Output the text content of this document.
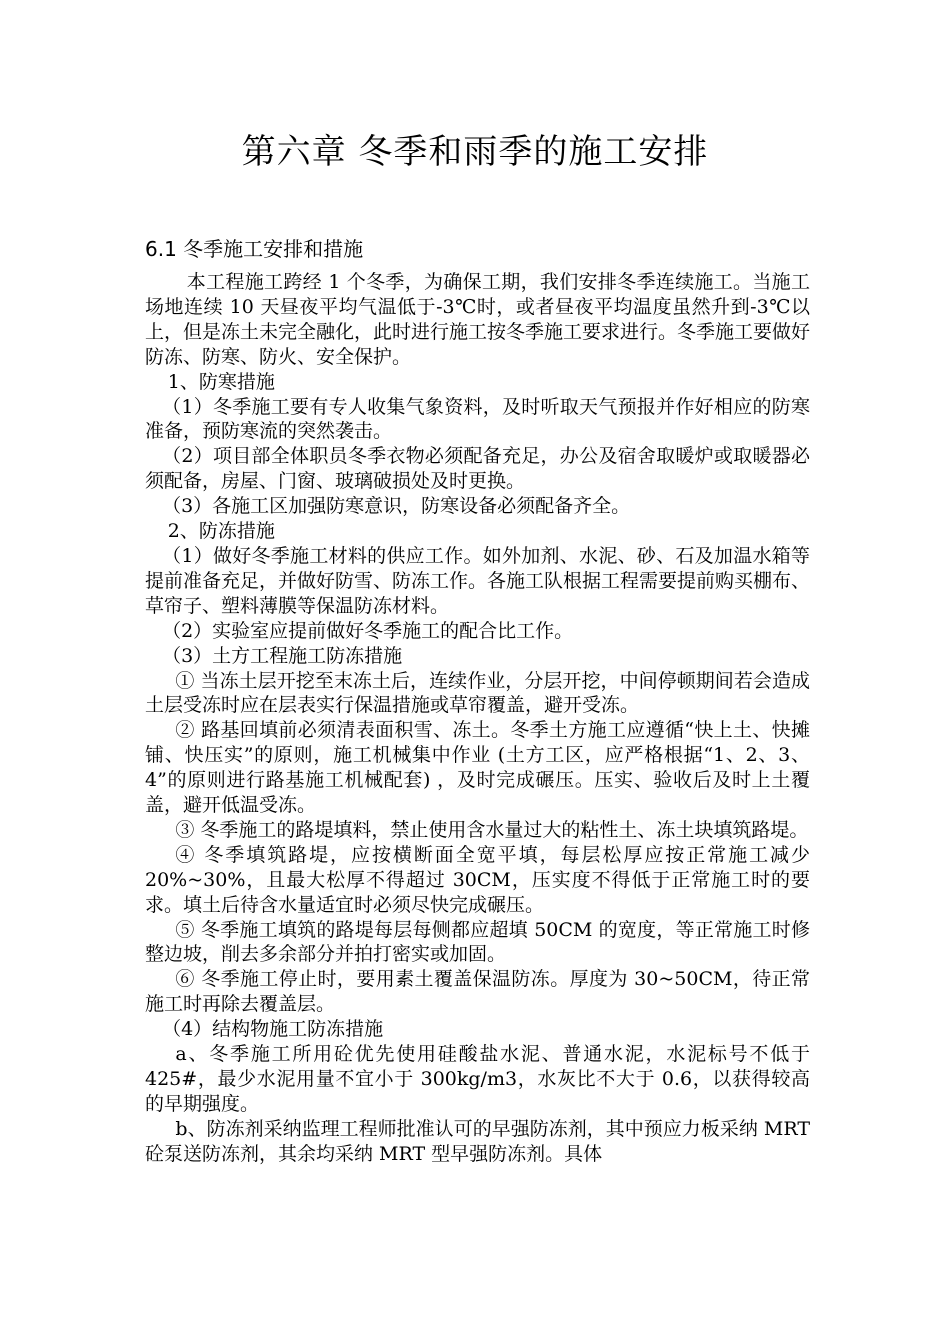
第六章 冬季和雨季的施工安排
6.1 冬季施工安排和措施

本工程施工跨经 1 个冬季，为确保工期，我们安排冬季连续施工。当施工场地连续 10 天昼夜平均气温低于-3℃时，或者昼夜平均温度虽然升到-3℃以上，但是冻土未完全融化，此时进行施工按冬季施工要求进行。冬季施工要做好防冻、防寒、防火、安全保护。

1、防寒措施

（1）冬季施工要有专人收集气象资料，及时听取天气预报并作好相应的防寒准备，预防寒流的突然袭击。

（2）项目部全体职员冬季衣物必须配备充足，办公及宿舍取暖炉或取暖器必须配备，房屋、门窗、玻璃破损处及时更换。

（3）各施工区加强防寒意识，防寒设备必须配备齐全。

2、防冻措施

（1）做好冬季施工材料的供应工作。如外加剂、水泥、砂、石及加温水箱等提前准备充足，并做好防雪、防冻工作。各施工队根据工程需要提前购买棚布、草帘子、塑料薄膜等保温防冻材料。

（2）实验室应提前做好冬季施工的配合比工作。

（3）土方工程施工防冻措施

① 当冻土层开挖至末冻土后，连续作业，分层开挖，中间停顿期间若会造成土层受冻时应在层表实行保温措施或草帘覆盖，避开受冻。

② 路基回填前必须清表面积雪、冻土。冬季土方施工应遵循“快上土、快摊铺、快压实”的原则，施工机械集中作业 (土方工区，应严格根据“1、2、3、4”的原则进行路基施工机械配套) ，及时完成碾压。压实、验收后及时上土覆盖，避开低温受冻。

③ 冬季施工的路堤填料，禁止使用含水量过大的粘性土、冻土块填筑路堤。

④ 冬季填筑路堤，应按横断面全宽平填，每层松厚应按正常施工减少 20%~30%，且最大松厚不得超过 30CM，压实度不得低于正常施工时的要求。填土后待含水量适宜时必须尽快完成碾压。

⑤ 冬季施工填筑的路堤每层每侧都应超填 50CM 的宽度，等正常施工时修整边坡，削去多余部分并拍打密实或加固。

⑥ 冬季施工停止时，要用素土覆盖保温防冻。厚度为 30~50CM，待正常施工时再除去覆盖层。

（4）结构物施工防冻措施

a、冬季施工所用砼优先使用硅酸盐水泥、普通水泥，水泥标号不低于 425#，最少水泥用量不宜小于 300kg/m3，水灰比不大于 0.6，以获得较高的早期强度。

b、防冻剂采纳监理工程师批准认可的早强防冻剂，其中预应力板采纳 MRT 砼泵送防冻剂，其余均采纳 MRT 型早强防冻剂。具体
